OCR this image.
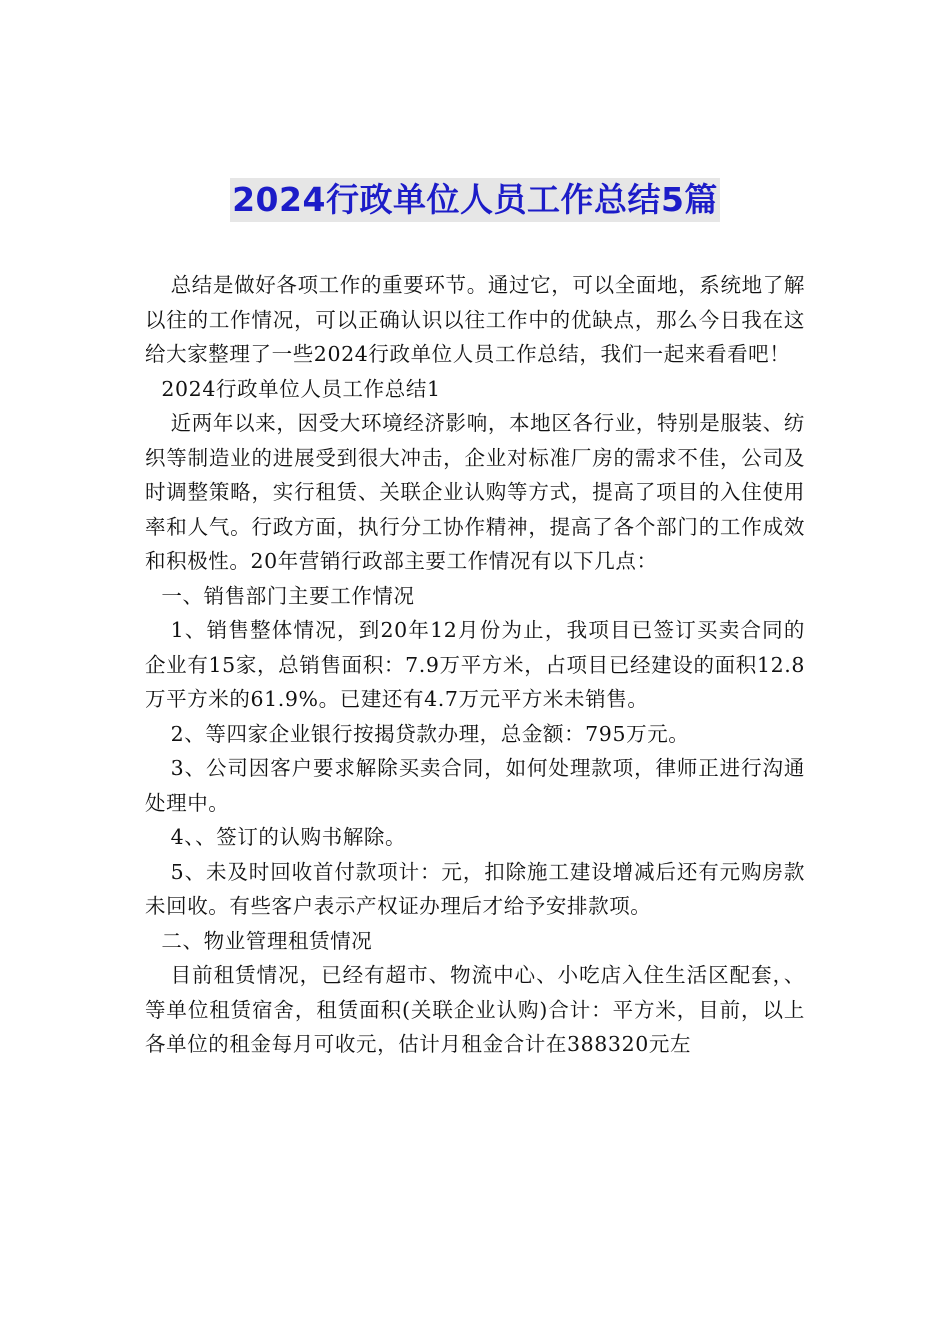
2024行政单位人员工作总结5篇

总结是做好各项工作的重要环节。通过它，可以全面地，系统地了解以往的工作情况，可以正确认识以往工作中的优缺点，那么今日我在这给大家整理了一些2024行政单位人员工作总结，我们一起来看看吧！

2024行政单位人员工作总结1

近两年以来，因受大环境经济影响，本地区各行业，特别是服装、纺织等制造业的进展受到很大冲击，企业对标准厂房的需求不佳，公司及时调整策略，实行租赁、关联企业认购等方式，提高了项目的入住使用率和人气。行政方面，执行分工协作精神，提高了各个部门的工作成效和积极性。20年营销行政部主要工作情况有以下几点：

一、销售部门主要工作情况

1、销售整体情况，到20年12月份为止，我项目已签订买卖合同的企业有15家，总销售面积：7.9万平方米，占项目已经建设的面积12.8万平方米的61.9%。已建还有4.7万元平方米未销售。

2、等四家企业银行按揭贷款办理，总金额：795万元。

3、公司因客户要求解除买卖合同，如何处理款项，律师正进行沟通处理中。

4、、签订的认购书解除。

5、未及时回收首付款项计：元，扣除施工建设增减后还有元购房款未回收。有些客户表示产权证办理后才给予安排款项。

二、物业管理租赁情况

目前租赁情况，已经有超市、物流中心、小吃店入住生活区配套，、等单位租赁宿舍，租赁面积(关联企业认购)合计：平方米，目前，以上各单位的租金每月可收元，估计月租金合计在388320元左
